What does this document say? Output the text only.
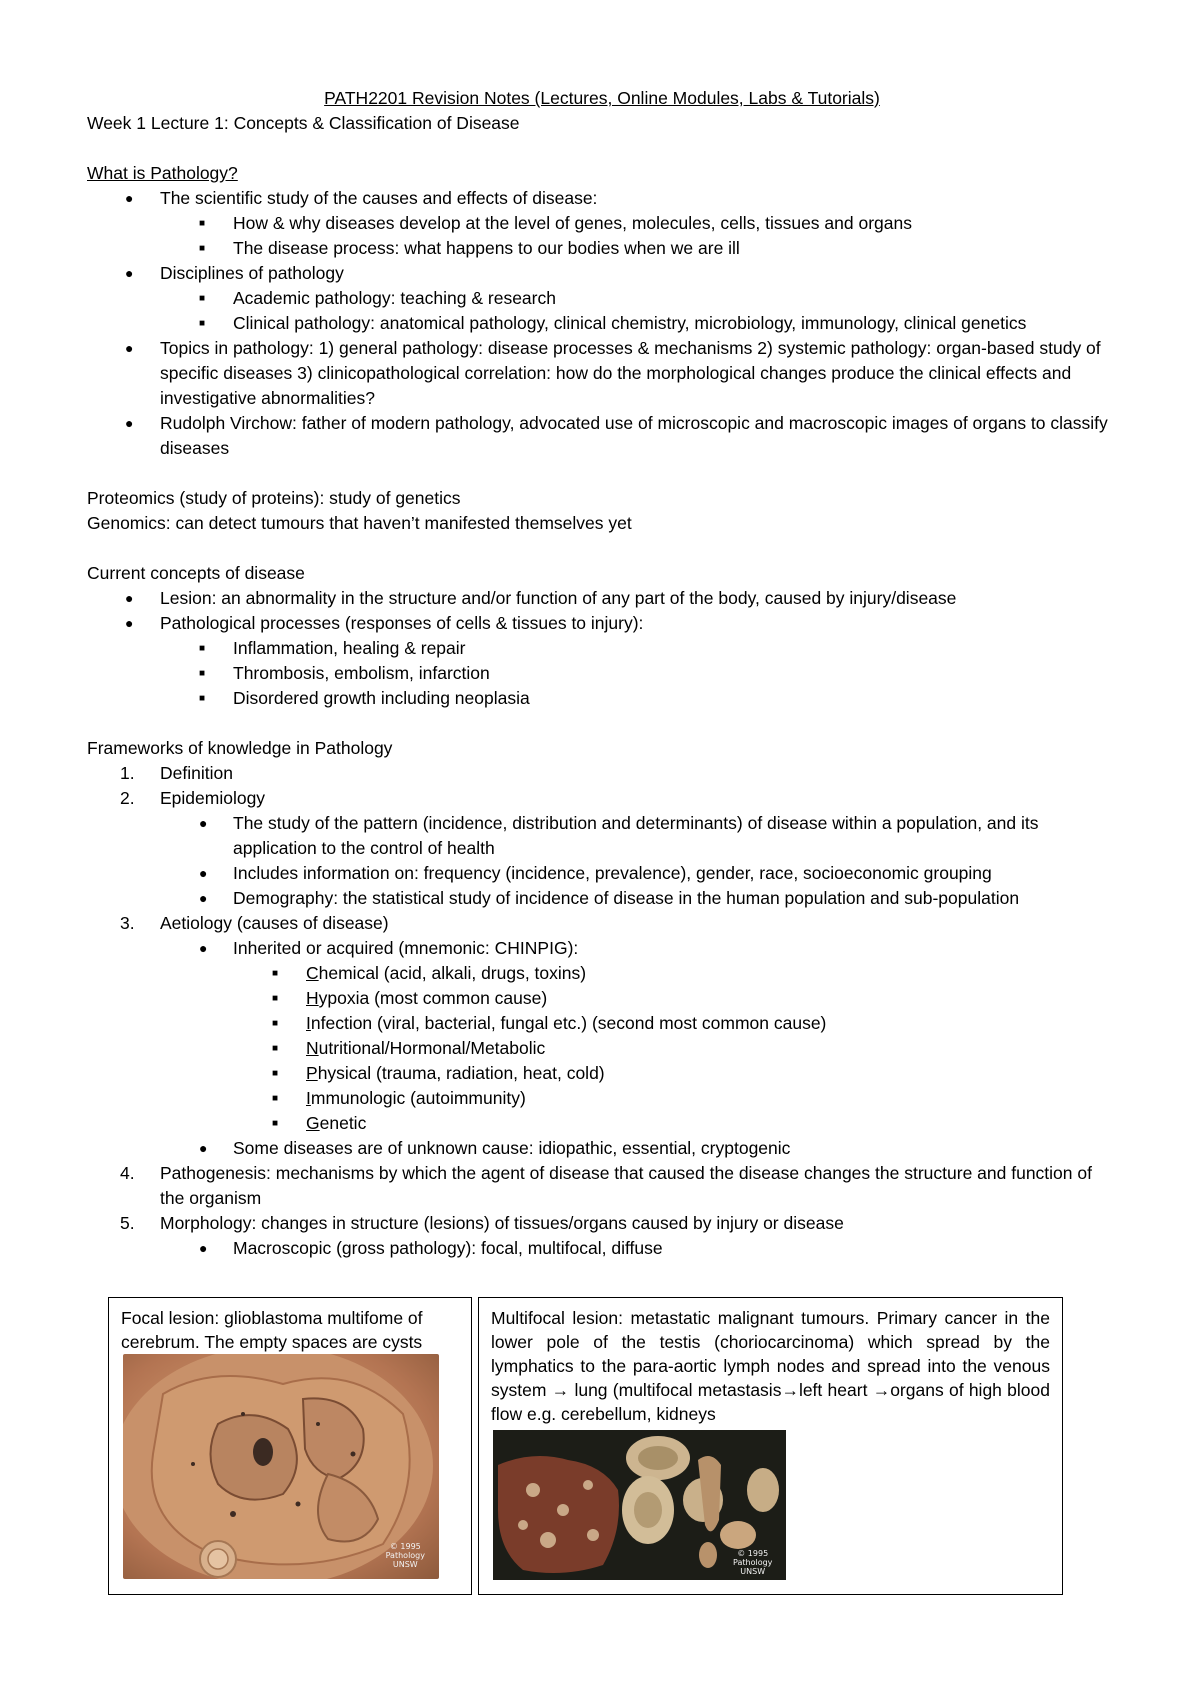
PATH2201 Revision Notes (Lectures, Online Modules, Labs & Tutorials)

Week 1 Lecture 1: Concepts & Classification of Disease

What is Pathology?

●	The scientific study of the causes and effects of disease:
■	How & why diseases develop at the level of genes, molecules, cells, tissues and organs
■	The disease process: what happens to our bodies when we are ill
●	Disciplines of pathology
■	Academic pathology: teaching & research
■	Clinical pathology: anatomical pathology, clinical chemistry, microbiology, immunology, clinical genetics
●	Topics in pathology: 1) general pathology: disease processes & mechanisms 2) systemic pathology: organ-based study of specific diseases 3) clinicopathological correlation: how do the morphological changes produce the clinical effects and investigative abnormalities?
●	Rudolph Virchow: father of modern pathology, advocated use of microscopic and macroscopic images of organs to classify diseases

Proteomics (study of proteins): study of genetics

Genomics: can detect tumours that haven’t manifested themselves yet

Current concepts of disease

●	Lesion: an abnormality in the structure and/or function of any part of the body, caused by injury/disease
●	Pathological processes (responses of cells & tissues to injury):
■	Inflammation, healing & repair
■	Thrombosis, embolism, infarction
■	Disordered growth including neoplasia

Frameworks of knowledge in Pathology

1.	Definition
2.	Epidemiology
●	The study of the pattern (incidence, distribution and determinants) of disease within a population, and its application to the control of health
●	Includes information on: frequency (incidence, prevalence), gender, race, socioeconomic grouping
●	Demography: the statistical study of incidence of disease in the human population and sub-population
3.	Aetiology (causes of disease)
●	Inherited or acquired (mnemonic: CHINPIG):
■	Chemical (acid, alkali, drugs, toxins)
■	Hypoxia (most common cause)
■	Infection (viral, bacterial, fungal etc.) (second most common cause)
■	Nutritional/Hormonal/Metabolic
■	Physical (trauma, radiation, heat, cold)
■	Immunologic (autoimmunity)
■	Genetic
●	Some diseases are of unknown cause: idiopathic, essential, cryptogenic
4.	Pathogenesis: mechanisms by which the agent of disease that caused the disease changes the structure and function of the organism
5.	Morphology: changes in structure (lesions) of tissues/organs caused by injury or disease
●	Macroscopic (gross pathology): focal, multifocal, diffuse

Focal lesion: glioblastoma multifome of cerebrum. The empty spaces are cysts

© 1995
Pathology
UNSW

Multifocal lesion: metastatic malignant tumours. Primary cancer in the lower pole of the testis (choriocarcinoma) which spread by the lymphatics to the para-aortic lymph nodes and spread into the venous system → lung (multifocal metastasis→left heart →organs of high blood flow e.g. cerebellum, kidneys

© 1995
Pathology
UNSW
